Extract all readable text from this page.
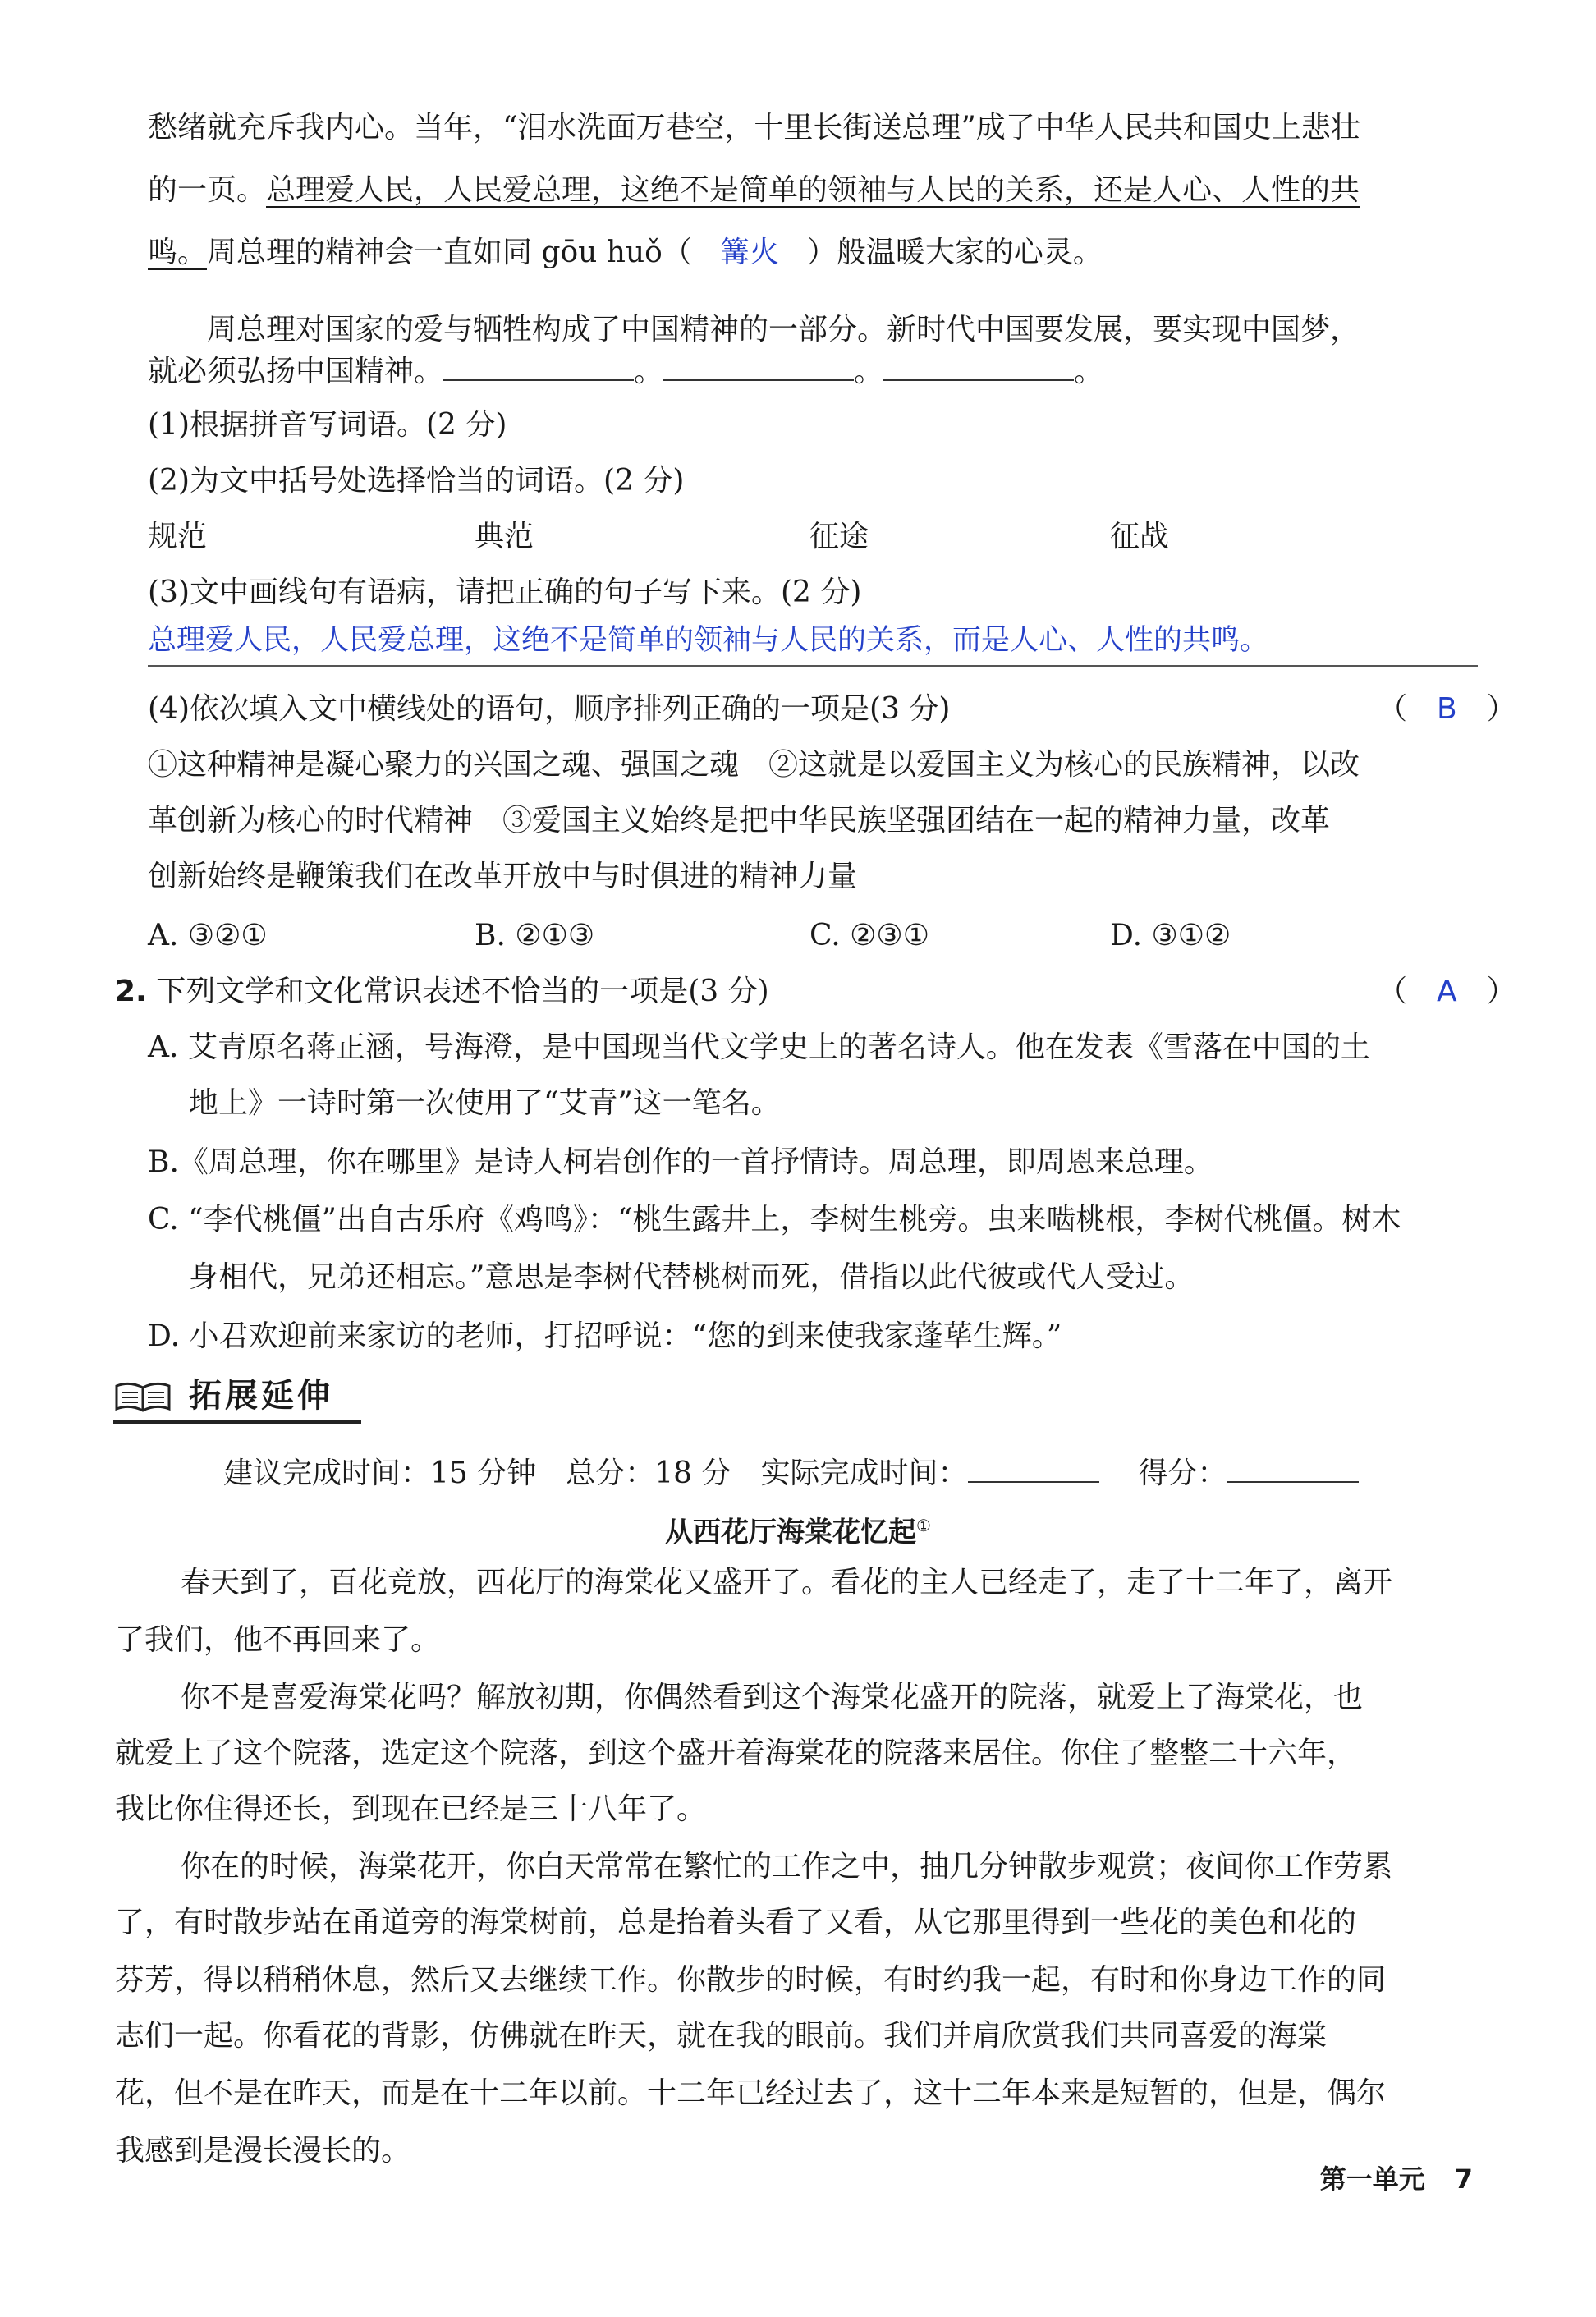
愁绪就充斥我内心。当年，“泪水洗面万巷空，十里长街送总理”成了中华人民共和国史上悲壮
的一页。总理爱人民，人民爱总理，这绝不是简单的领袖与人民的关系，还是人心、人性的共
鸣。周总理的精神会一直如同 gōu huǒ（ 篝火 ）般温暖大家的心灵。
周总理对国家的爱与牺牲构成了中国精神的一部分。新时代中国要发展，要实现中国梦，
就必须弘扬中国精神。	。	。	。
(1)根据拼音写词语。(2 分)
(2)为文中括号处选择恰当的词语。(2 分)
规范	典范	征途	征战
(3)文中画线句有语病，请把正确的句子写下来。(2 分)
总理爱人民，人民爱总理，这绝不是简单的领袖与人民的关系，而是人心、人性的共鸣。
(4)依次填入文中横线处的语句，顺序排列正确的一项是(3 分)	（　B　）
①这种精神是凝心聚力的兴国之魂、强国之魂　②这就是以爱国主义为核心的民族精神，以改
革创新为核心的时代精神　③爱国主义始终是把中华民族坚强团结在一起的精神力量，改革
创新始终是鞭策我们在改革开放中与时俱进的精神力量
A. ③②①	B. ②①③	C. ②③①	D. ③①②
2. 下列文学和文化常识表述不恰当的一项是(3 分)	（　A　）
A. 艾青原名蒋正涵，号海澄，是中国现当代文学史上的著名诗人。他在发表《雪落在中国的土
地上》一诗时第一次使用了“艾青”这一笔名。
B.《周总理，你在哪里》是诗人柯岩创作的一首抒情诗。周总理，即周恩来总理。
C. “李代桃僵”出自古乐府《鸡鸣》：“桃生露井上，李树生桃旁。虫来啮桃根，李树代桃僵。树木
身相代，兄弟还相忘。”意思是李树代替桃树而死，借指以此代彼或代人受过。
D. 小君欢迎前来家访的老师，打招呼说：“您的到来使我家蓬荜生辉。”
拓展延伸
建议完成时间：15 分钟　总分：18 分　实际完成时间：	得分：
从西花厅海棠花忆起①
春天到了，百花竞放，西花厅的海棠花又盛开了。看花的主人已经走了，走了十二年了，离开
了我们，他不再回来了。
你不是喜爱海棠花吗？解放初期，你偶然看到这个海棠花盛开的院落，就爱上了海棠花，也
就爱上了这个院落，选定这个院落，到这个盛开着海棠花的院落来居住。你住了整整二十六年，
我比你住得还长，到现在已经是三十八年了。
你在的时候，海棠花开，你白天常常在繁忙的工作之中，抽几分钟散步观赏；夜间你工作劳累
了，有时散步站在甬道旁的海棠树前，总是抬着头看了又看，从它那里得到一些花的美色和花的
芬芳，得以稍稍休息，然后又去继续工作。你散步的时候，有时约我一起，有时和你身边工作的同
志们一起。你看花的背影，仿佛就在昨天，就在我的眼前。我们并肩欣赏我们共同喜爱的海棠
花，但不是在昨天，而是在十二年以前。十二年已经过去了，这十二年本来是短暂的，但是，偶尔
我感到是漫长漫长的。
第一单元 7
